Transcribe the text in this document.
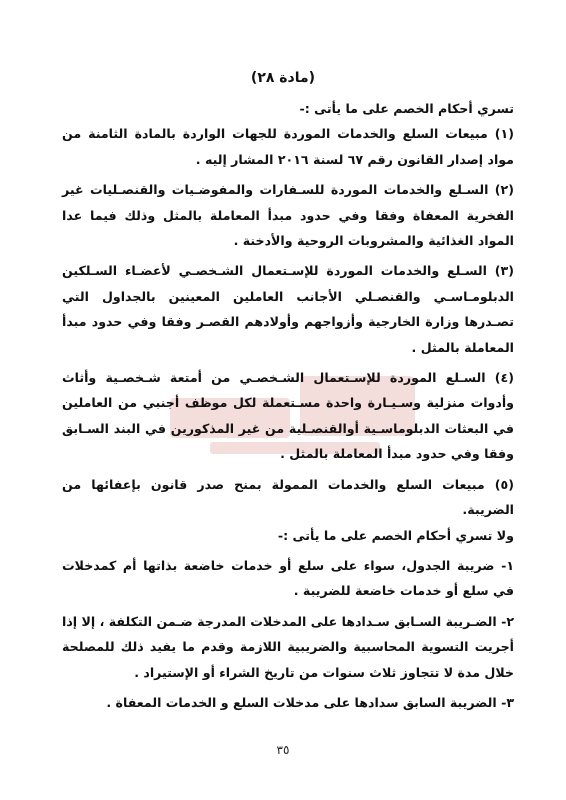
(مادة ٢٨)

تسري أحكام الخصم على ما يأتى :-

(١) مبيعات السلع والخدمات الموردة للجهات الواردة بالمادة الثامنة من مواد إصدار القانون رقم ٦٧ لسنة ٢٠١٦ المشار إليه .

(٢) السـلع والخدمات الموردة للسـفارات والمفوضـيات والقنصـليات غير الفخرية المعفاة وفقا وفي حدود مبدأ المعاملة بالمثل وذلك فيما عدا المواد الغذائية والمشروبات الروحية والأدخنة .

(٣) السـلع والخدمات الموردة للإسـتعمال الشـخصـي لأعضـاء السـلكين الدبلومـاسـي والقنصـلي الأجانب العاملين المعينين بالجداول التي تصـدرها وزارة الخارجية وأزواجهم وأولادهم القصـر وفقا وفي حدود مبدأ المعاملة بالمثل .

(٤) السـلع الموردة للإسـتعمال الشـخصـي من أمتعة شـخصـية وأثاث وأدوات منزلية وسـيـارة واحدة مسـتعملة لكل موظف أجنبي من العاملين في البعثات الدبلوماسـية أوالقنصـلية من غير المذكورين في البند السـابق وفقا وفي حدود مبدأ المعاملة بالمثل .

(٥) مبيعات السلع والخدمات الممولة بمنح صدر قانون بإعفائها من الضريبة.

ولا تسري أحكام الخصم على ما يأتى :-

١- ضريبة الجدول، سواء على سلع أو خدمات خاضعة بذاتها أم كمدخلات في سلع أو خدمات خاضعة للضريبة .

٢- الضـريبة السـابق سـدادها على المدخلات المدرجة ضـمن التكلفة ، إلا إذا أجريت التسوية المحاسبية والضريبية اللازمة وقدم ما يفيد ذلك للمصلحة خلال مدة لا تتجاوز ثلاث سنوات من تاريخ الشراء أو الإستيراد .

٣- الضريبة السابق سدادها على مدخلات السلع و الخدمات المعفاة .

٣٥
